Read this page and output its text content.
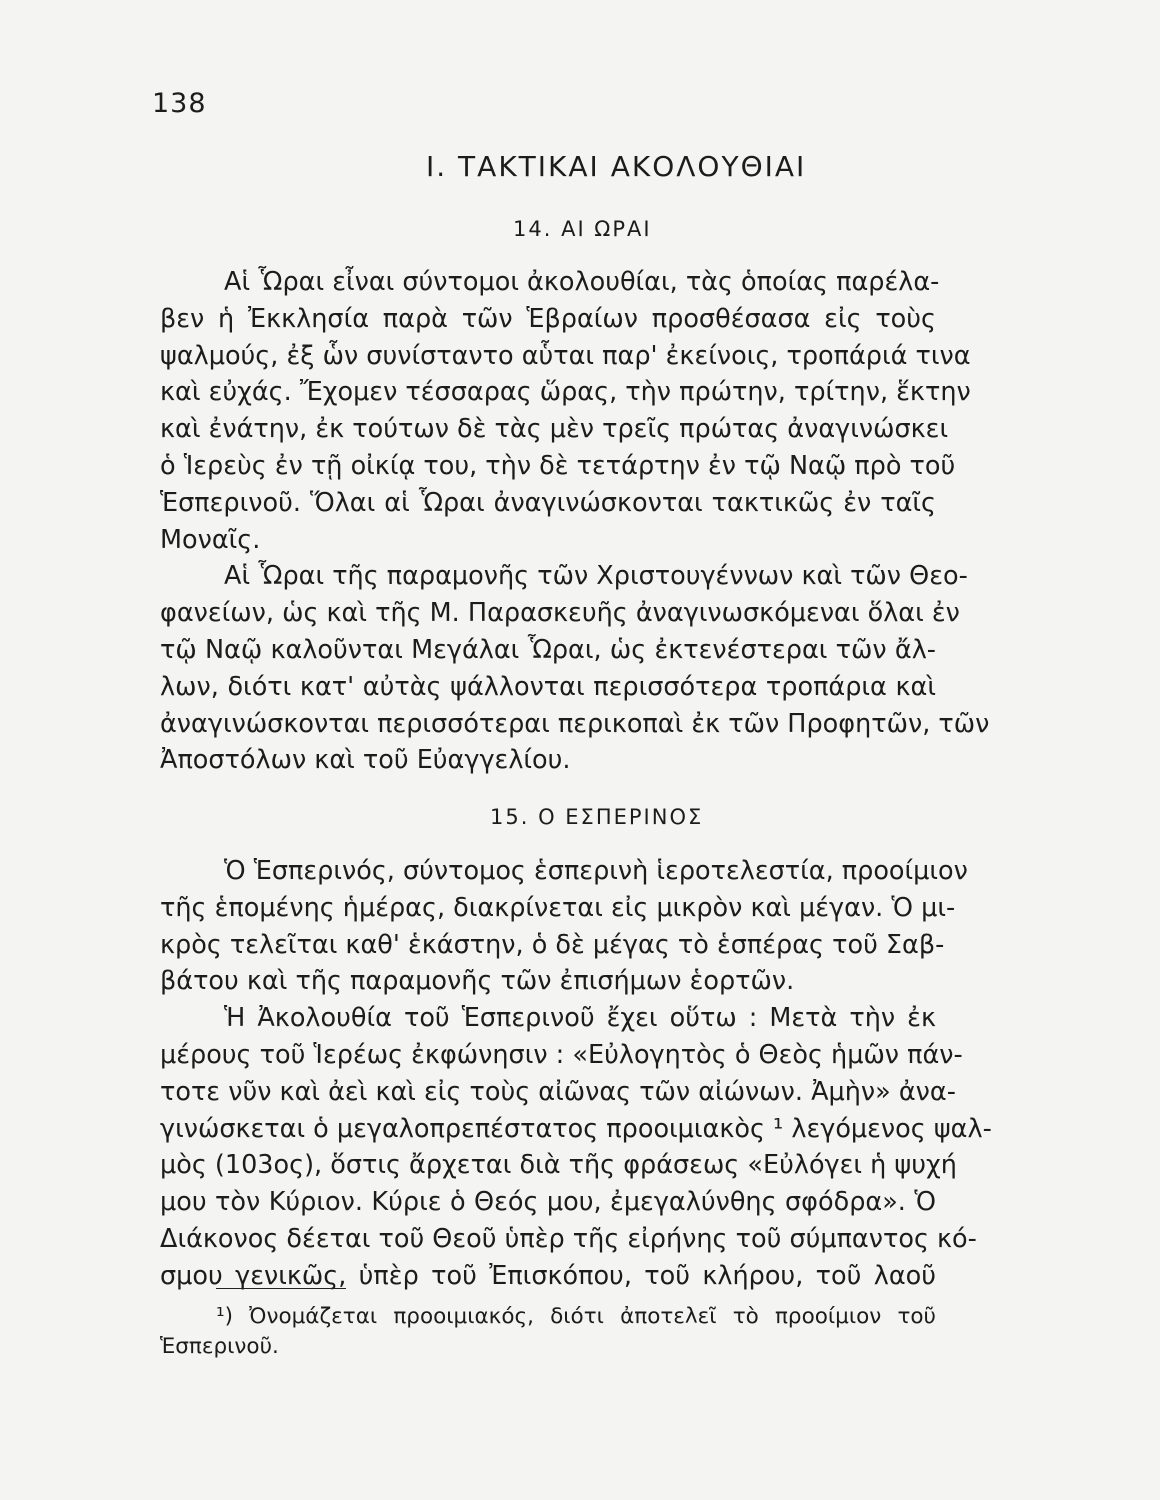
138
Ι. ΤΑΚΤΙΚΑΙ ΑΚΟΛΟΥΘΙΑΙ
14. ΑΙ ΩΡΑΙ
Αἱ Ὧραι εἶναι σύντομοι ἀκολουθίαι, τὰς ὁποίας παρέλα-
βεν ἡ Ἐκκλησία παρὰ τῶν Ἑβραίων προσθέσασα εἰς τοὺς
ψαλμούς, ἐξ ὧν συνίσταντο αὗται παρ' ἐκείνοις, τροπάριά τινα
καὶ εὐχάς. Ἔχομεν τέσσαρας ὥρας, τὴν πρώτην, τρίτην, ἕκτην
καὶ ἐνάτην, ἐκ τούτων δὲ τὰς μὲν τρεῖς πρώτας ἀναγινώσκει
ὁ Ἱερεὺς ἐν τῇ οἰκίᾳ του, τὴν δὲ τετάρτην ἐν τῷ Ναῷ πρὸ τοῦ
Ἑσπερινοῦ. Ὅλαι αἱ Ὧραι ἀναγινώσκονται τακτικῶς ἐν ταῖς
Μοναῖς.
Αἱ Ὧραι τῆς παραμονῆς τῶν Χριστουγέννων καὶ τῶν Θεο-
φανείων, ὡς καὶ τῆς Μ. Παρασκευῆς ἀναγινωσκόμεναι ὅλαι ἐν
τῷ Ναῷ καλοῦνται Μεγάλαι Ὧραι, ὡς ἐκτενέστεραι τῶν ἄλ-
λων, διότι κατ' αὐτὰς ψάλλονται περισσότερα τροπάρια καὶ
ἀναγινώσκονται περισσότεραι περικοπαὶ ἐκ τῶν Προφητῶν, τῶν
Ἀποστόλων καὶ τοῦ Εὐαγγελίου.
15. Ο ΕΣΠΕΡΙΝΟΣ
Ὁ Ἑσπερινός, σύντομος ἑσπερινὴ ἱεροτελεστία, προοίμιον
τῆς ἑπομένης ἡμέρας, διακρίνεται εἰς μικρὸν καὶ μέγαν. Ὁ μι-
κρὸς τελεῖται καθ' ἑκάστην, ὁ δὲ μέγας τὸ ἑσπέρας τοῦ Σαβ-
βάτου καὶ τῆς παραμονῆς τῶν ἐπισήμων ἑορτῶν.
Ἡ Ἀκολουθία τοῦ Ἑσπερινοῦ ἔχει οὕτω : Μετὰ τὴν ἐκ
μέρους τοῦ Ἱερέως ἐκφώνησιν : «Εὐλογητὸς ὁ Θεὸς ἡμῶν πάν-
τοτε νῦν καὶ ἀεὶ καὶ εἰς τοὺς αἰῶνας τῶν αἰώνων. Ἀμὴν» ἀνα-
γινώσκεται ὁ μεγαλοπρεπέστατος προοιμιακὸς ¹ λεγόμενος ψαλ-
μὸς (103ος), ὅστις ἄρχεται διὰ τῆς φράσεως «Εὐλόγει ἡ ψυχή
μου τὸν Κύριον. Κύριε ὁ Θεός μου, ἐμεγαλύνθης σφόδρα». Ὁ
Διάκονος δέεται τοῦ Θεοῦ ὑπὲρ τῆς εἰρήνης τοῦ σύμπαντος κό-
σμου γενικῶς, ὑπὲρ τοῦ Ἐπισκόπου, τοῦ κλήρου, τοῦ λαοῦ
¹) Ὀνομάζεται προοιμιακός, διότι ἀποτελεῖ τὸ προοίμιον τοῦ
Ἑσπερινοῦ.
